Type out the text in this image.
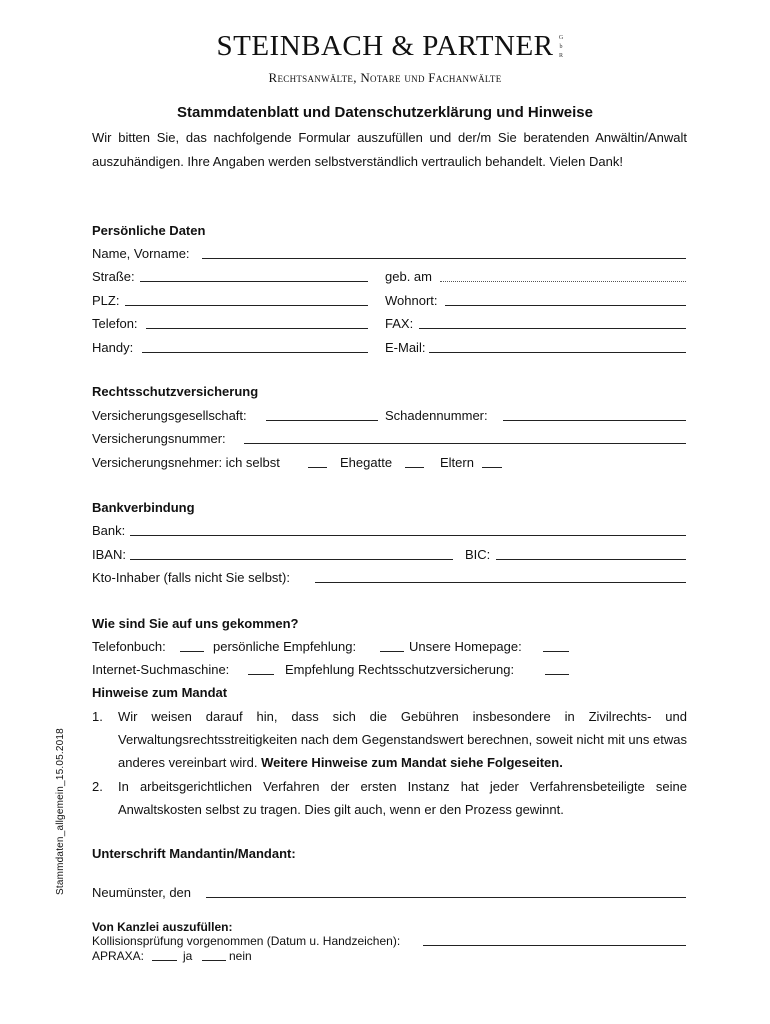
STEINBACH & PARTNER G
b
R
Rechtsanwälte, Notare und Fachanwälte
Stammdatenblatt und Datenschutzerklärung und Hinweise
Wir bitten Sie, das nachfolgende Formular auszufüllen und der/m Sie beratenden Anwältin/Anwalt auszuhändigen. Ihre Angaben werden selbstverständlich vertraulich behandelt. Vielen Dank!
Persönliche Daten
Name, Vorname:
Straße:	geb. am
PLZ:	Wohnort:
Telefon:	FAX:
Handy:	E-Mail:
Rechtsschutzversicherung
Versicherungsgesellschaft:	Schadennummer:
Versicherungsnummer:
Versicherungsnehmer: ich selbst	Ehegatte	Eltern
Bankverbindung
Bank:
IBAN:	BIC:
Kto-Inhaber (falls nicht Sie selbst):
Wie sind Sie auf uns gekommen?
Telefonbuch:	persönliche Empfehlung:	Unsere Homepage:
Internet-Suchmaschine:	Empfehlung Rechtsschutzversicherung:
Hinweise zum Mandat
1. Wir weisen darauf hin, dass sich die Gebühren insbesondere in Zivilrechts- und Verwaltungsrechtsstreitigkeiten nach dem Gegenstandswert berechnen, soweit nicht mit uns etwas anderes vereinbart wird. Weitere Hinweise zum Mandat siehe Folgeseiten.
2. In arbeitsgerichtlichen Verfahren der ersten Instanz hat jeder Verfahrensbeteiligte seine Anwaltskosten selbst zu tragen. Dies gilt auch, wenn er den Prozess gewinnt.
Unterschrift Mandantin/Mandant:
Neumünster, den
Von Kanzlei auszufüllen:
Kollisionsprüfung vorgenommen (Datum u. Handzeichen):
APRAXA:	ja	nein
Stammdaten_allgemein_15.05.2018
